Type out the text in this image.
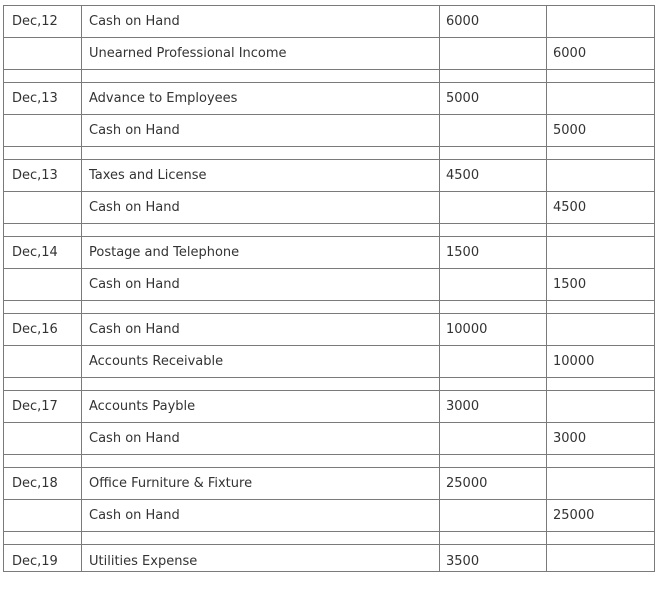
Dec,12	Cash on Hand	6000	
	Unearned Professional Income		6000

Dec,13	Advance to Employees	5000	
	Cash on Hand		5000

Dec,13	Taxes and License	4500	
	Cash on Hand		4500

Dec,14	Postage and Telephone	1500	
	Cash on Hand		1500

Dec,16	Cash on Hand	10000	
	Accounts Receivable		10000

Dec,17	Accounts Payble	3000	
	Cash on Hand		3000

Dec,18	Office Furniture & Fixture	25000	
	Cash on Hand		25000

Dec,19	Utilities Expense	3500	
